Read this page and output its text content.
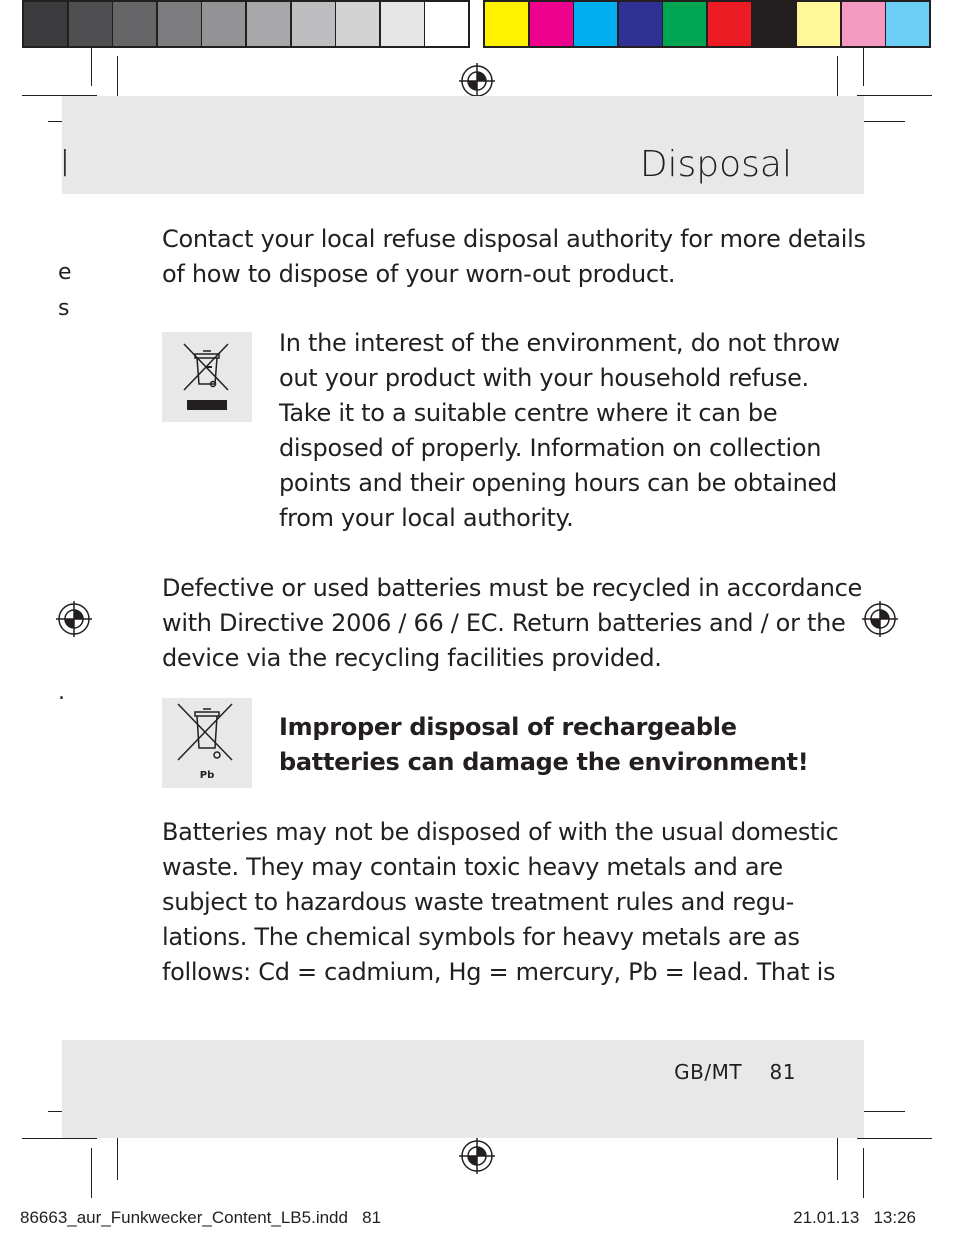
l	Disposal
e
s
.
Contact your local refuse disposal authority for more details
of how to dispose of your worn-out product.
In the interest of the environment, do not throw
out your product with your household refuse.
Take it to a suitable centre where it can be
disposed of properly. Information on collection
points and their opening hours can be obtained
from your local authority.
Defective or used batteries must be recycled in accordance
with Directive 2006 / 66 / EC. Return batteries and / or the
device via the recycling facilities provided.
Pb
Improper disposal of rechargeable
batteries can damage the environment!
Batteries may not be disposed of with the usual domestic
waste. They may contain toxic heavy metals and are
subject to hazardous waste treatment rules and regu-
lations. The chemical symbols for heavy metals are as
follows: Cd = cadmium, Hg = mercury, Pb = lead. That is
GB/MT 81
86663_aur_Funkwecker_Content_LB5.indd   81	21.01.13   13:26
